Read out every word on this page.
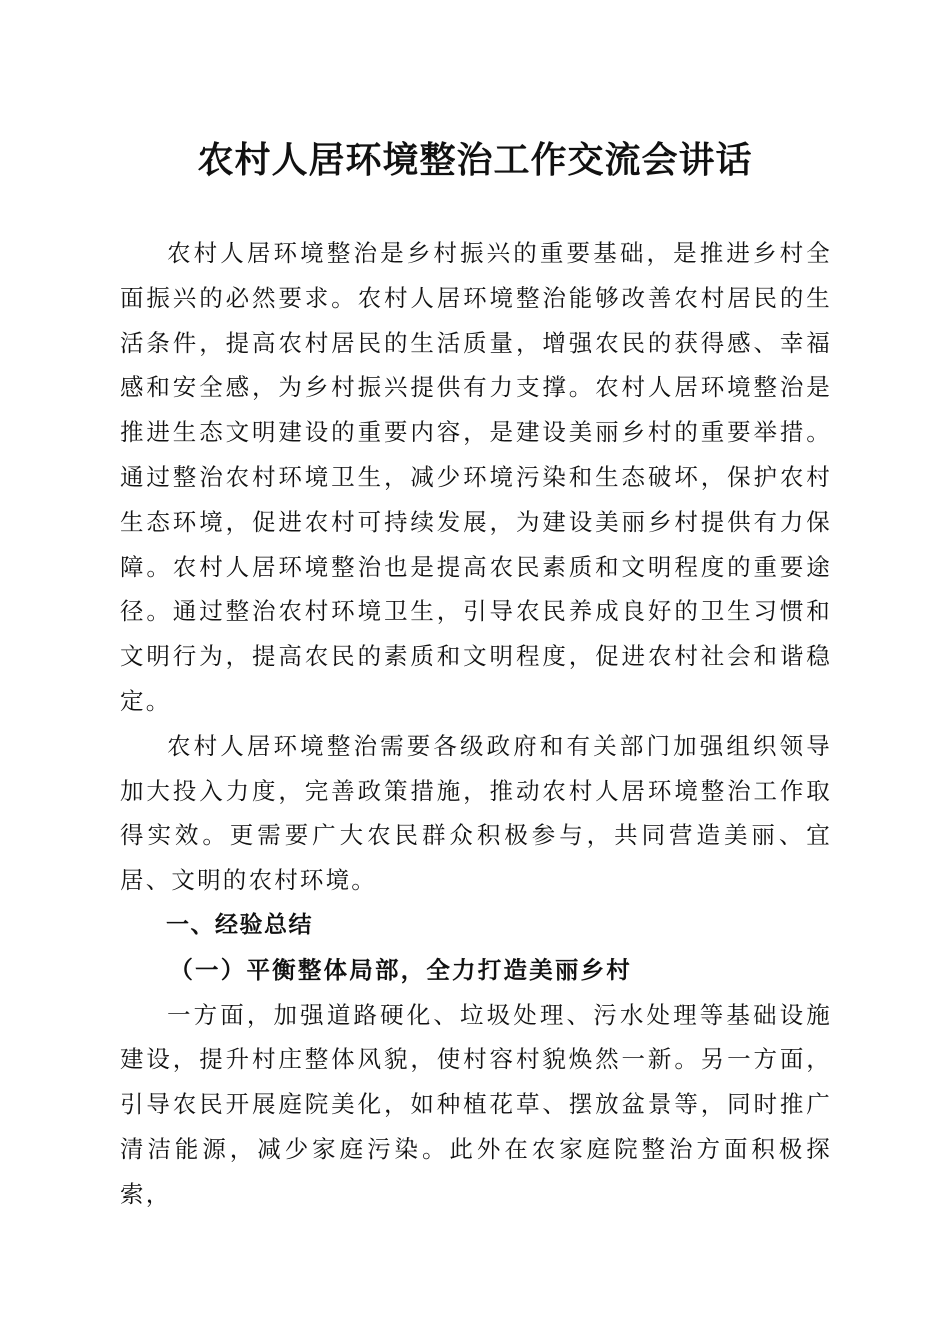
农村人居环境整治工作交流会讲话

农村人居环境整治是乡村振兴的重要基础，是推进乡村全面振兴的必然要求。农村人居环境整治能够改善农村居民的生活条件，提高农村居民的生活质量，增强农民的获得感、幸福感和安全感，为乡村振兴提供有力支撑。农村人居环境整治是推进生态文明建设的重要内容，是建设美丽乡村的重要举措。通过整治农村环境卫生，减少环境污染和生态破坏，保护农村生态环境，促进农村可持续发展，为建设美丽乡村提供有力保障。农村人居环境整治也是提高农民素质和文明程度的重要途径。通过整治农村环境卫生，引导农民养成良好的卫生习惯和文明行为，提高农民的素质和文明程度，促进农村社会和谐稳定。

农村人居环境整治需要各级政府和有关部门加强组织领导加大投入力度，完善政策措施，推动农村人居环境整治工作取得实效。更需要广大农民群众积极参与，共同营造美丽、宜居、文明的农村环境。

一、经验总结

（一）平衡整体局部，全力打造美丽乡村

一方面，加强道路硬化、垃圾处理、污水处理等基础设施建设，提升村庄整体风貌，使村容村貌焕然一新。另一方面，引导农民开展庭院美化，如种植花草、摆放盆景等，同时推广清洁能源，减少家庭污染。此外在农家庭院整治方面积极探索，
